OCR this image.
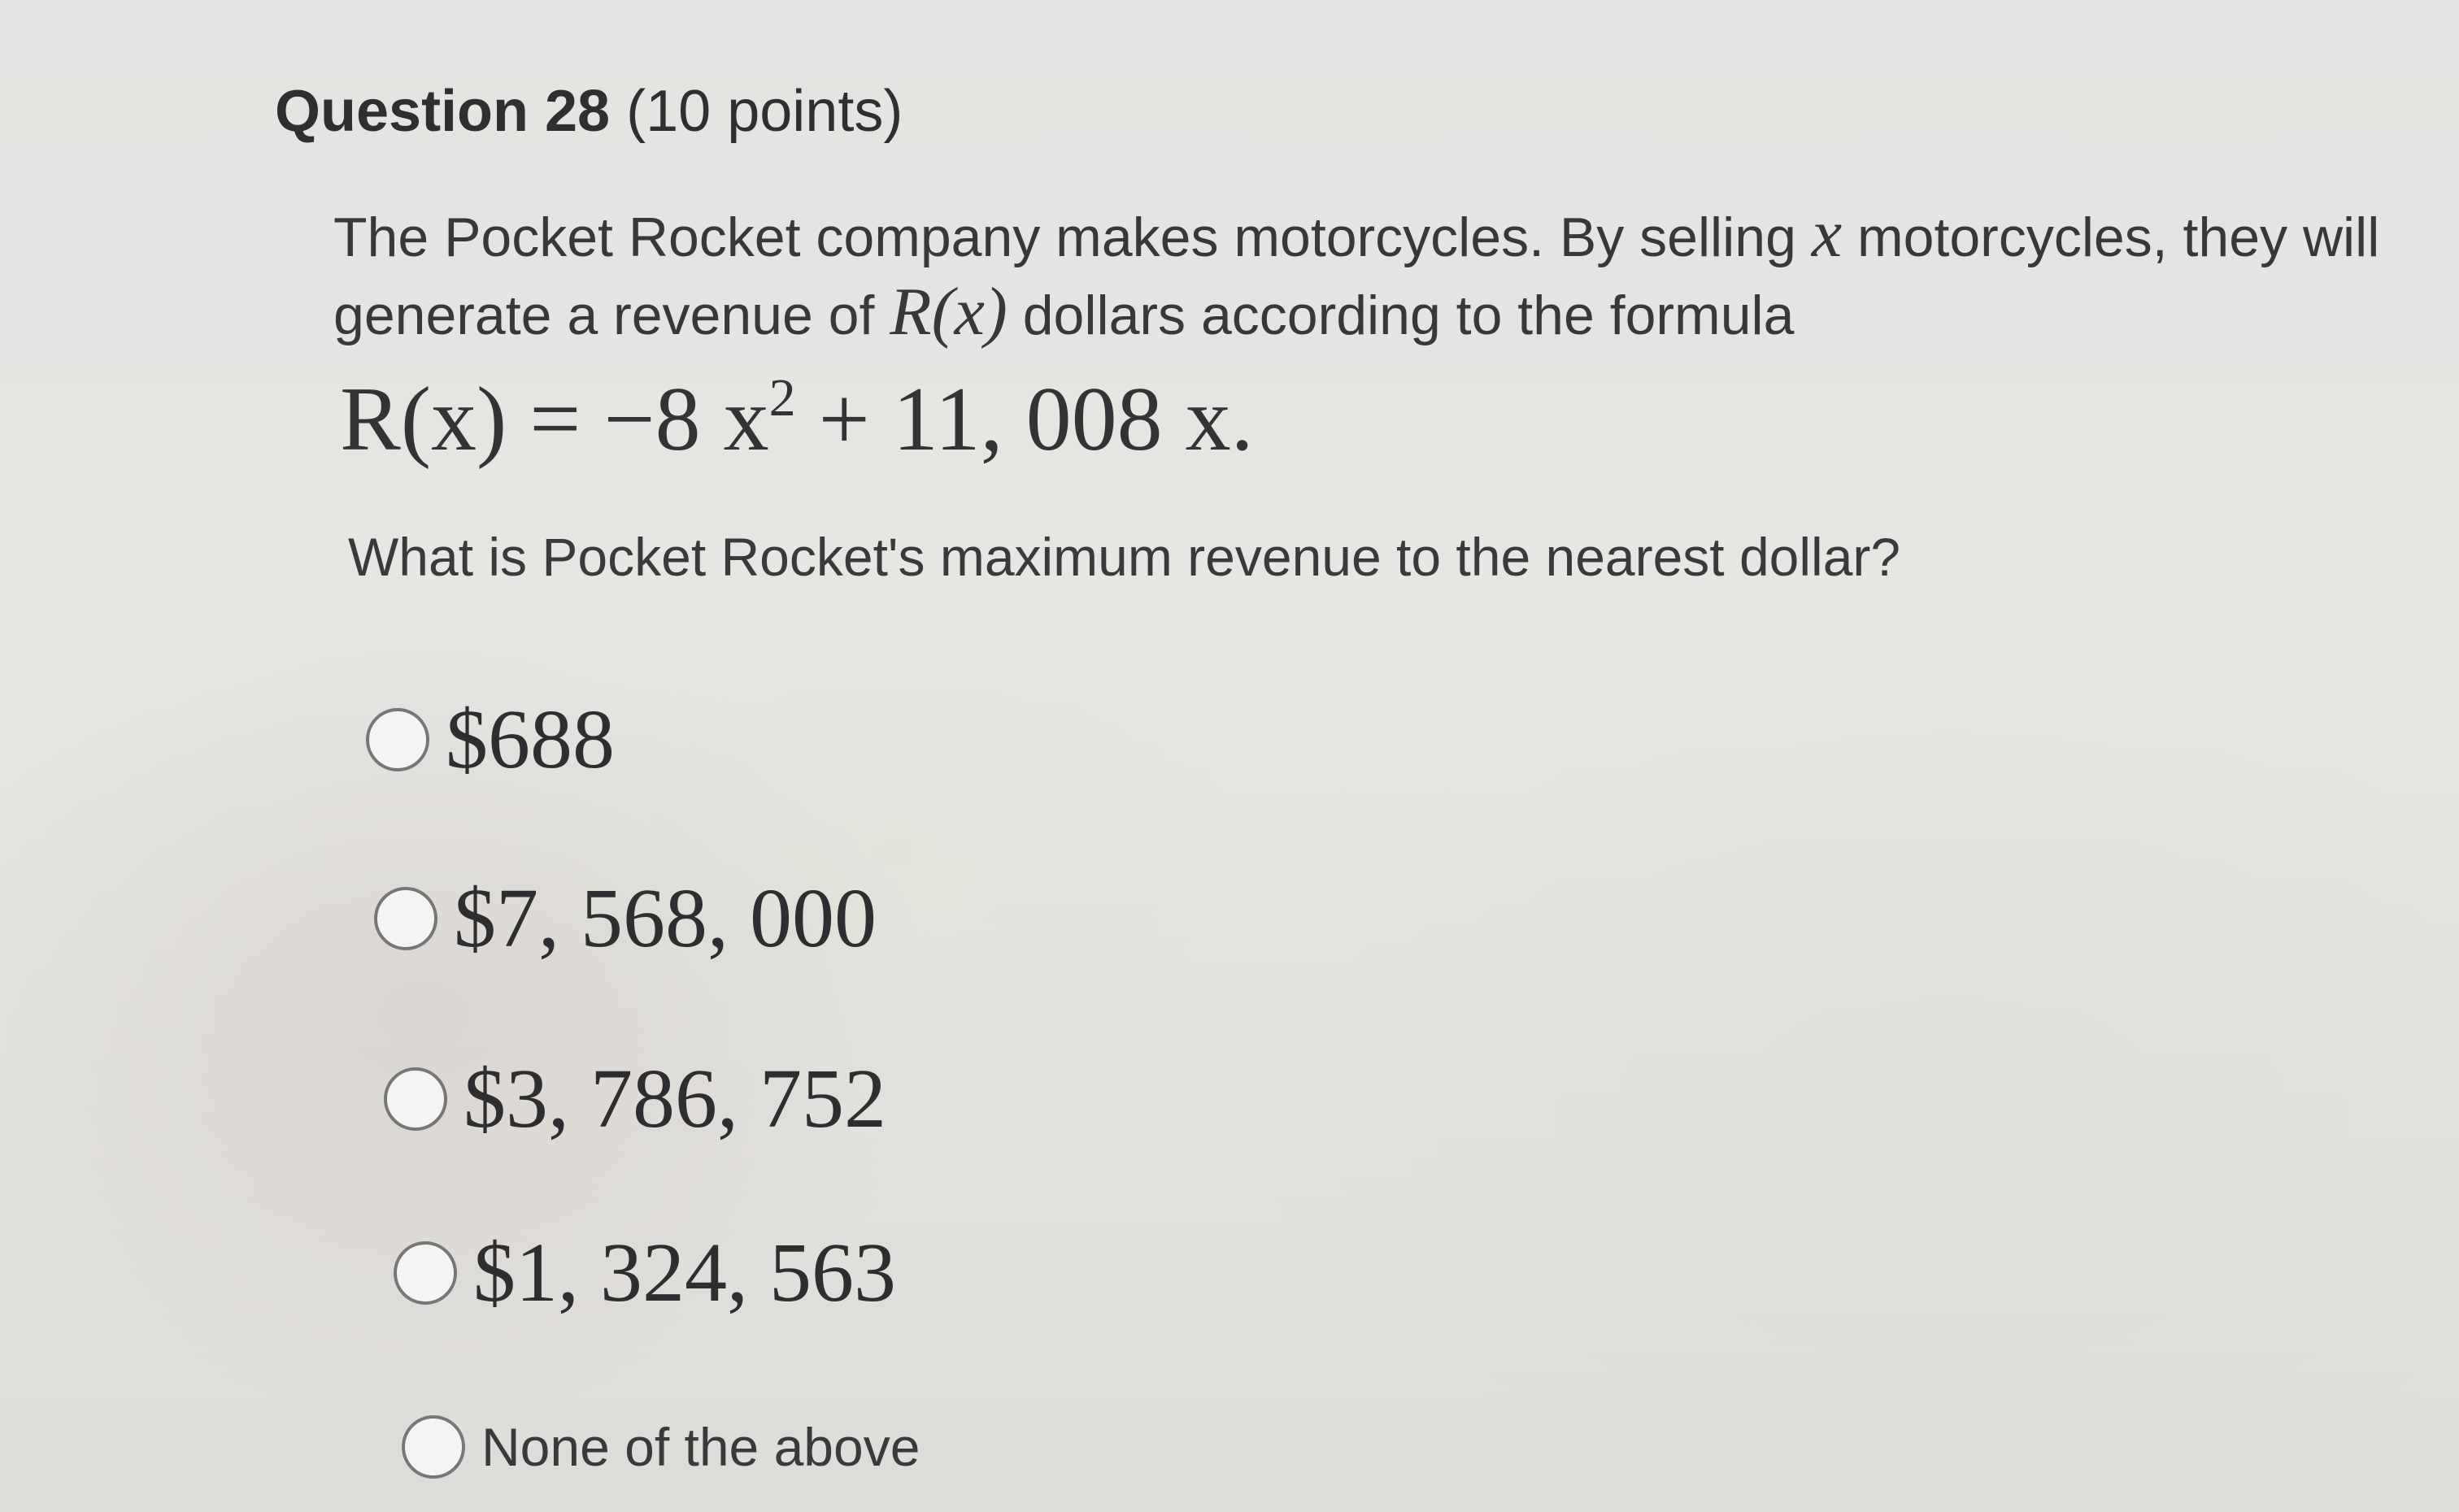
Question 28 (10 points)
The Pocket Rocket company makes motorcycles. By selling x motorcycles, they will
generate a revenue of R(x) dollars according to the formula
R(x) = −8 $x^2 + 11$, 008 x.
What is Pocket Rocket's maximum revenue to the nearest dollar?
$688
$7, 568, 000
$3, 786, 752
$1, 324, 563
None of the above
